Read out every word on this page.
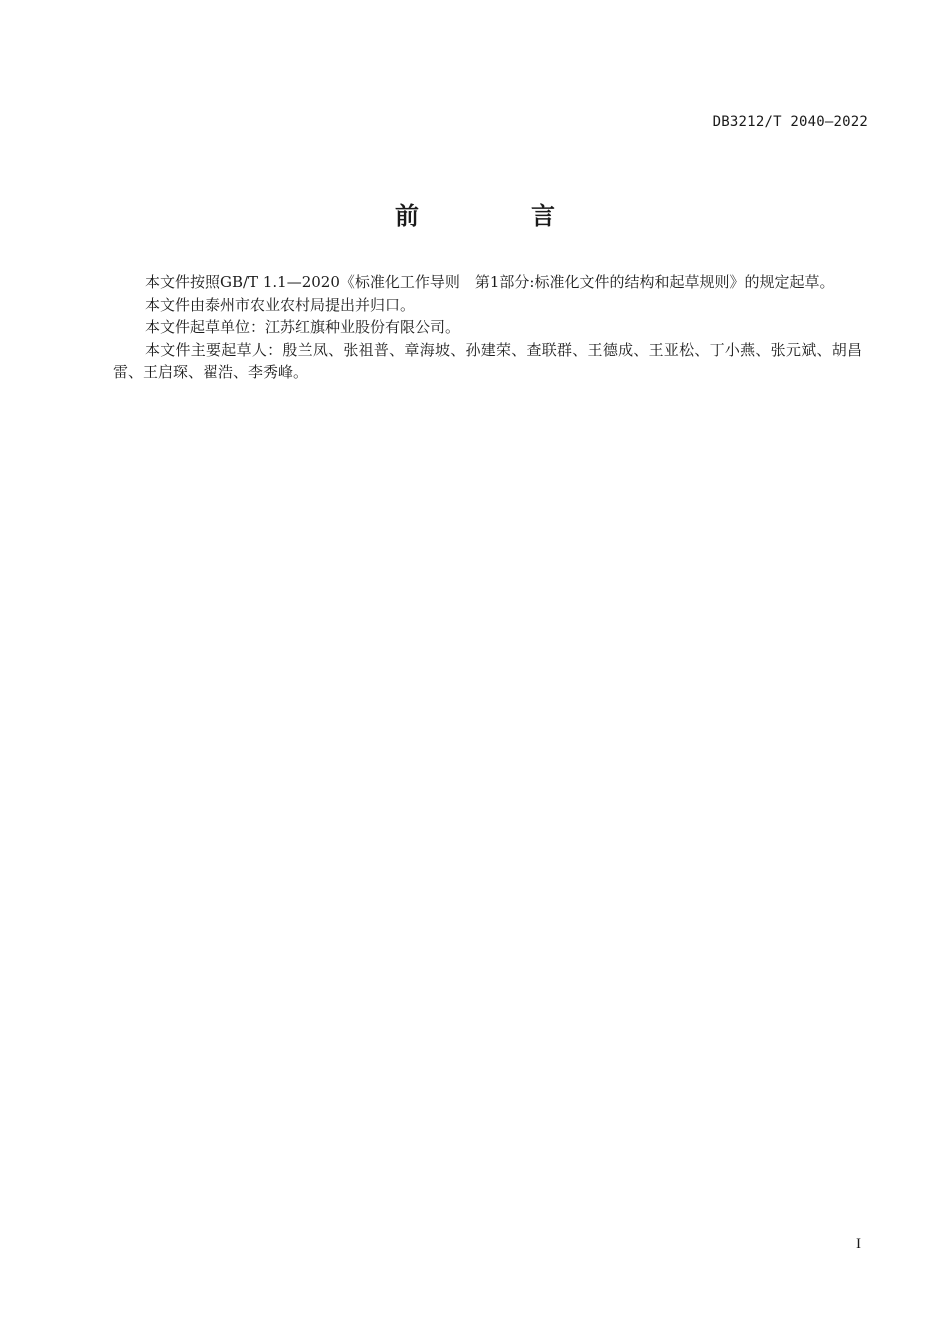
DB3212/T 2040—2022
前　言

本文件按照GB/T 1.1—2020《标准化工作导则　第1部分:标准化文件的结构和起草规则》的规定起草。

本文件由泰州市农业农村局提出并归口。

本文件起草单位：江苏红旗种业股份有限公司。

本文件主要起草人：殷兰凤、张祖普、章海坡、孙建荣、查联群、王德成、王亚松、丁小燕、张元斌、胡昌雷、王启琛、翟浩、李秀峰。

I
